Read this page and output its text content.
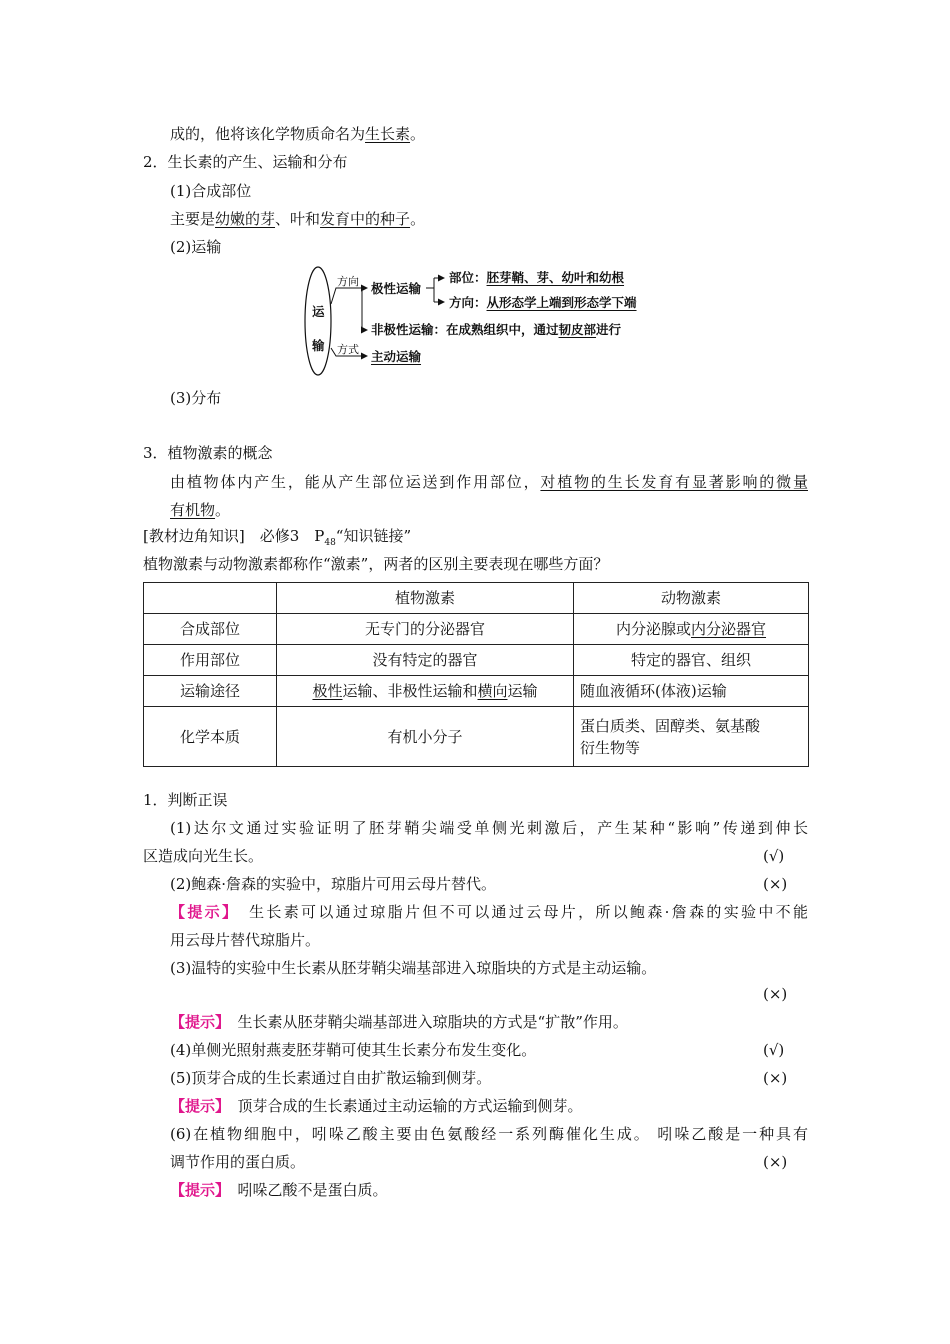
成的，他将该化学物质命名为生长素。
2．生长素的产生、运输和分布
(1)合成部位
主要是幼嫩的芽、叶和发育中的种子。
(2)运输
运
输
方向
方式
极性运输
部位：胚芽鞘、芽、幼叶和幼根
方向：从形态学上端到形态学下端
非极性运输：在成熟组织中，通过韧皮部进行
主动运输
(3)分布
3．植物激素的概念
由植物体内产生，能从产生部位运送到作用部位，对植物的生长发育有显著影响的微量
有机物。
[教材边角知识]　必修3　$P_{48}“$知识链接”
植物激素与动物激素都称作“激素”，两者的区别主要表现在哪些方面？
	植物激素	动物激素
合成部位	无专门的分泌器官	内分泌腺或内分泌器官
作用部位	没有特定的器官	特定的器官、组织
运输途径	极性运输、非极性运输和横向运输	随血液循环(体液)运输
化学本质	有机小分子	蛋白质类、固醇类、氨基酸
衍生物等
1．判断正误
(1)达尔文通过实验证明了胚芽鞘尖端受单侧光刺激后，产生某种“影响”传递到伸长
区造成向光生长。	(√)
(2)鲍森·詹森的实验中，琼脂片可用云母片替代。	(×)
【提示】　 生长素可以通过琼脂片但不可以通过云母片，所以鲍森·詹森的实验中不能
用云母片替代琼脂片。
(3)温特的实验中生长素从胚芽鞘尖端基部进入琼脂块的方式是主动运输。
(×)
【提示】　 生长素从胚芽鞘尖端基部进入琼脂块的方式是“扩散”作用。
(4)单侧光照射燕麦胚芽鞘可使其生长素分布发生变化。	(√)
(5)顶芽合成的生长素通过自由扩散运输到侧芽。	(×)
【提示】　 顶芽合成的生长素通过主动运输的方式运输到侧芽。
(6)在植物细胞中，吲哚乙酸主要由色氨酸经一系列酶催化生成。 吲哚乙酸是一种具有
调节作用的蛋白质。	(×)
【提示】　 吲哚乙酸不是蛋白质。
